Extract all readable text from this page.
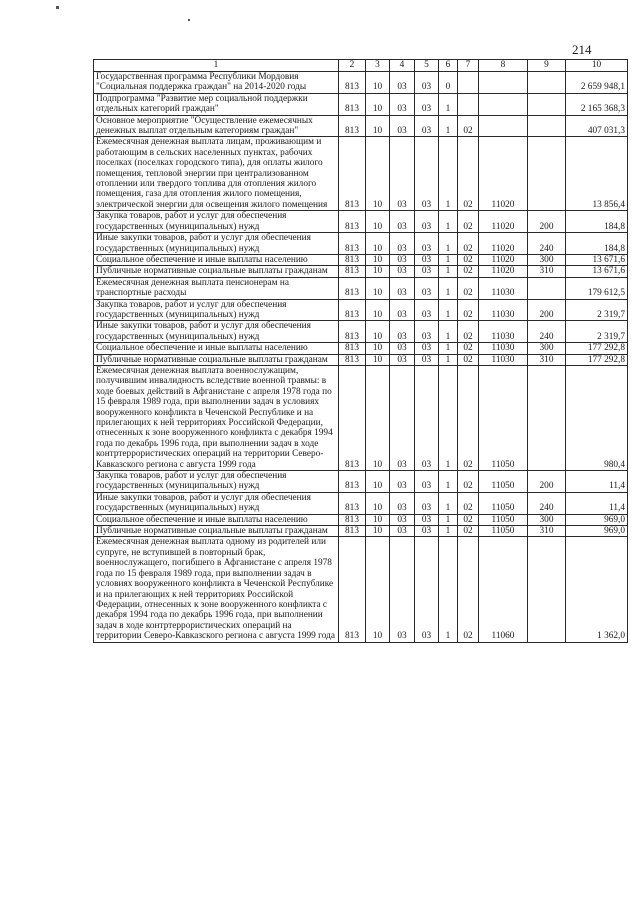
214
1	2	3	4	5	6	7	8	9	10
Государственная программа Республики Мордовия "Социальная поддержка граждан" на 2014-2020 годы	813	10	03	03	0				2 659 948,1
Подпрограмма "Развитие мер социальной поддержки отдельных категорий граждан"	813	10	03	03	1				2 165 368,3
Основное мероприятие "Осуществление ежемесячных денежных выплат отдельным категориям граждан"	813	10	03	03	1	02			407 031,3
Ежемесячная денежная выплата лицам, проживающим и работающим в сельских населенных пунктах, рабочих поселках (поселках городского типа), для оплаты жилого помещения, тепловой энергии при централизованном отоплении или твердого топлива для отопления жилого помещения, газа для отопления жилого помещения, электрической энергии для освещения жилого помещения	813	10	03	03	1	02	11020		13 856,4
Закупка товаров, работ и услуг для обеспечения государственных (муниципальных) нужд	813	10	03	03	1	02	11020	200	184,8
Иные закупки товаров, работ и услуг для обеспечения государственных (муниципальных) нужд	813	10	03	03	1	02	11020	240	184,8
Социальное обеспечение и иные выплаты населению	813	10	03	03	1	02	11020	300	13 671,6
Публичные нормативные социальные выплаты гражданам	813	10	03	03	1	02	11020	310	13 671,6
Ежемесячная денежная выплата пенсионерам на транспортные расходы	813	10	03	03	1	02	11030		179 612,5
Закупка товаров, работ и услуг для обеспечения государственных (муниципальных) нужд	813	10	03	03	1	02	11030	200	2 319,7
Иные закупки товаров, работ и услуг для обеспечения государственных (муниципальных) нужд	813	10	03	03	1	02	11030	240	2 319,7
Социальное обеспечение и иные выплаты населению	813	10	03	03	1	02	11030	300	177 292,8
Публичные нормативные социальные выплаты гражданам	813	10	03	03	1	02	11030	310	177 292,8
Ежемесячная денежная выплата военнослужащим, получившим инвалидность вследствие военной травмы: в ходе боевых действий в Афганистане с апреля 1978 года по 15 февраля 1989 года, при выполнении задач в условиях вооруженного конфликта в Чеченской Республике и на прилегающих к ней территориях Российской Федерации, отнесенных к зоне вооруженного конфликта с декабря 1994 года по декабрь 1996 года, при выполнении задач в ходе контртеррористических операций на территории Северо-Кавказского региона с августа 1999 года	813	10	03	03	1	02	11050		980,4
Закупка товаров, работ и услуг для обеспечения государственных (муниципальных) нужд	813	10	03	03	1	02	11050	200	11,4
Иные закупки товаров, работ и услуг для обеспечения государственных (муниципальных) нужд	813	10	03	03	1	02	11050	240	11,4
Социальное обеспечение и иные выплаты населению	813	10	03	03	1	02	11050	300	969,0
Публичные нормативные социальные выплаты гражданам	813	10	03	03	1	02	11050	310	969,0
Ежемесячная денежная выплата одному из родителей или супруге, не вступившей в повторный брак, военнослужащего, погибшего в Афганистане с апреля 1978 года по 15 февраля 1989 года, при выполнении задач в условиях вооруженного конфликта в Чеченской Республике и на прилегающих к ней территориях Российской Федерации, отнесенных к зоне вооруженного конфликта с декабря 1994 года по декабрь 1996 года, при выполнении задач в ходе контртеррористических операций на территории Северо-Кавказского региона с августа 1999 года	813	10	03	03	1	02	11060		1 362,0
